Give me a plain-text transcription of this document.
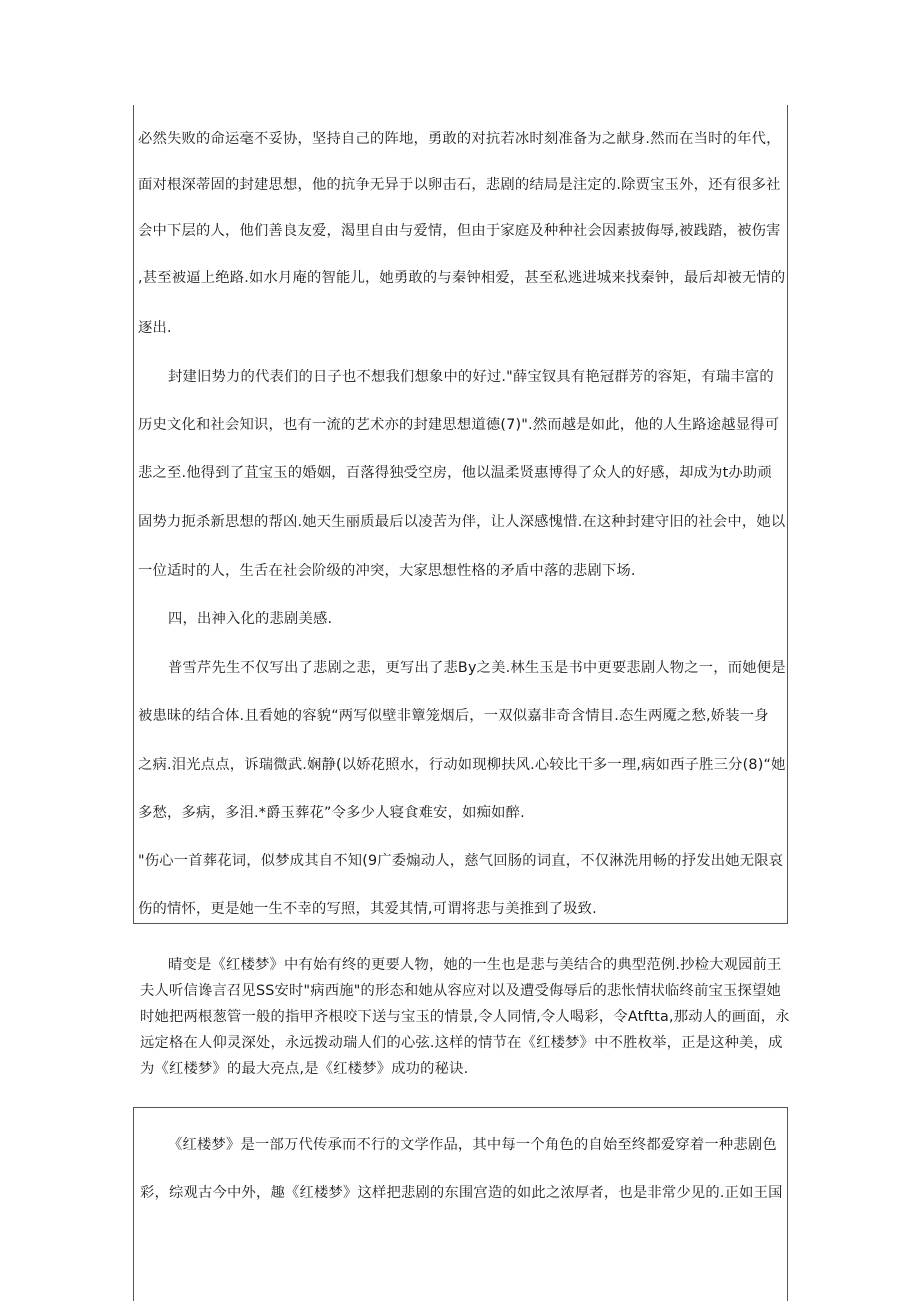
必然失败的命运毫不妥协，坚持自己的阵地，勇敢的对抗若冰时刻准备为之献身.然而在当时的年代，
面对根深蒂固的封建思想，他的抗争无异于以卵击石，悲剧的结局是注定的.除贾宝玉外，还有很多社
会中下层的人，他们善良友爱，渴里自由与爱情，但由于家庭及种种社会因素披侮辱,被践踏，被伤害
,甚至被逼上绝路.如水月庵的智能儿，她勇敢的与秦钟相爱，甚至私逃进城来找秦钟，最后却被无情的
逐出.
封建旧势力的代表们的日子也不想我们想象中的好过."薛宝钗具有艳冠群芳的容矩，有瑞丰富的
历史文化和社会知识，也有一流的艺术亦的封建思想道德(7)".然而越是如此，他的人生路途越显得可
悲之至.他得到了苴宝玉的婚姻，百落得独受空房，他以温柔贤惠博得了众人的好感，却成为t办助顽
固势力扼杀新思想的帮凶.她天生丽质最后以凌苦为伴，让人深感愧惜.在这种封建守旧的社会中，她以
一位适时的人，生舌在社会阶级的冲突，大家思想性格的矛盾中落的悲剧下场.
四，出神入化的悲剧美感.
普雪芹先生不仅写出了悲剧之悲，更写出了悲By之美.林生玉是书中更要悲剧人物之一，而她便是
被患昧的结合体.且看她的容貌“两写似壁非簟笼烟后，一双似嘉非奇含情目.态生两魇之愁,娇装一身
之病.泪光点点，诉瑞微武.娴静(以娇花照水，行动如现柳扶风.心较比干多一理,病如西子胜三分(8)“她
多愁，多病，多泪.*爵玉葬花”令多少人寝食难安，如痴如醉.
"伤心一首葬花词，似梦成其自不知(9广委煽动人，慈气回肠的词直，不仅淋洗用畅的抒发出她无限哀
伤的情怀，更是她一生不幸的写照，其爱其情,可谓将悲与美推到了圾致.
晴变是《红楼梦》中有始有终的更要人物，她的一生也是悲与美结合的典型范例.抄检大观园前王
夫人听信谗言召见SS安时"病西施"的形态和她从容应对以及遭受侮辱后的悲怅情状临终前宝玉探望她
时她把两根葱管一般的指甲齐根咬下送与宝玉的情景,令人同情,令人喝彩，令Atftta,那动人的画面，永
远定格在人仰灵深处，永远拨动瑞人们的心弦.这样的情节在《红楼梦》中不胜枚举，正是这种美，成
为《红楼梦》的最大亮点,是《红楼梦》成功的秘诀.
《红楼梦》是一部万代传承而不行的文学作品，其中每一个角色的自始至终都爱穿着一种悲剧色
彩，综观古今中外，趣《红楼梦》这样把悲剧的东围宫造的如此之浓厚者，也是非常少见的.正如王国
